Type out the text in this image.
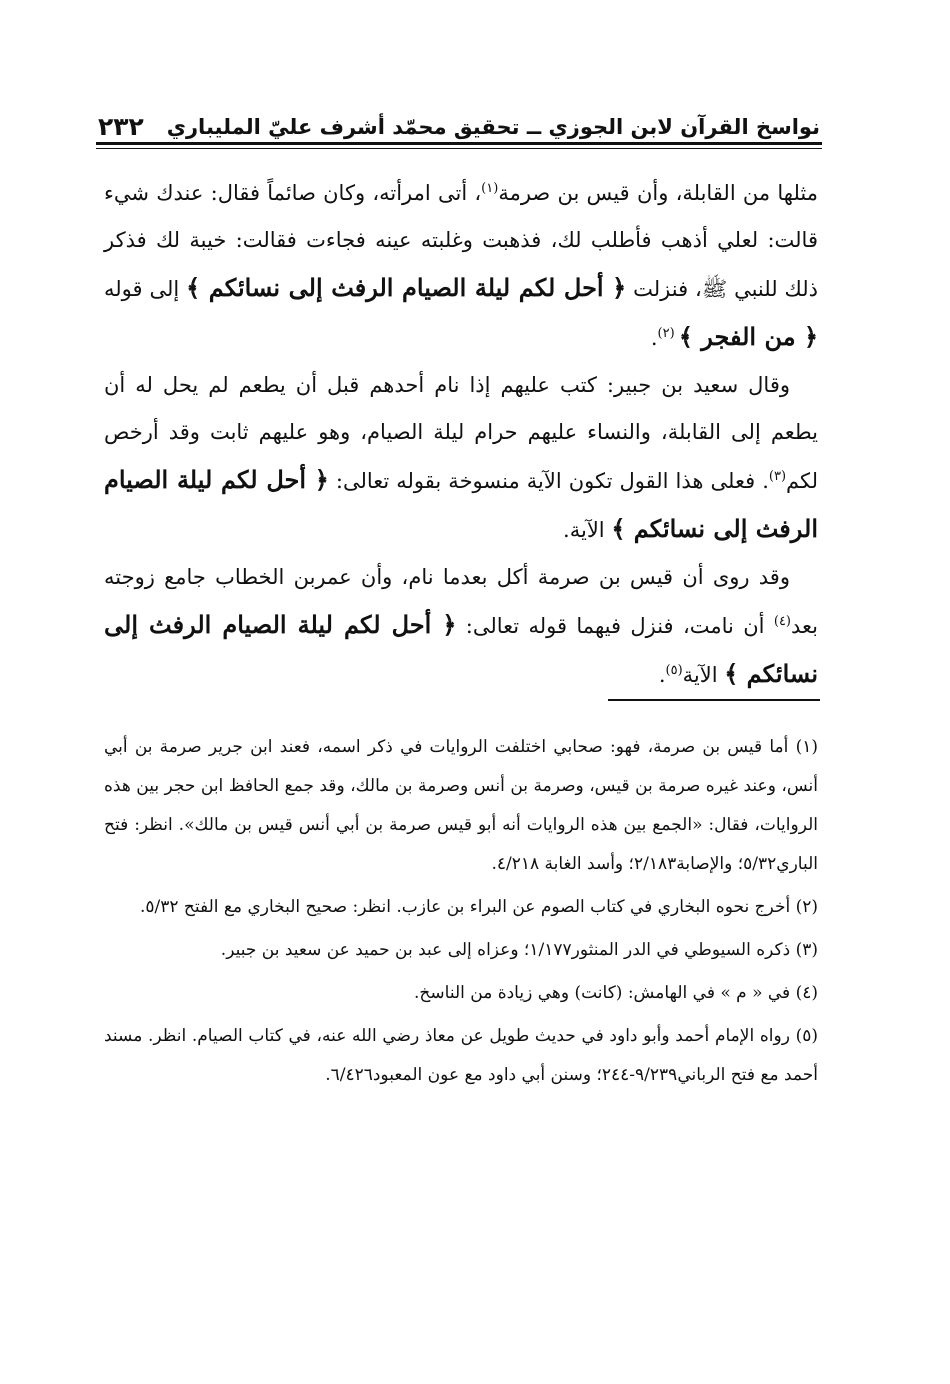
نواسخ القرآن لابن الجوزي ــ تحقيق محمّد أشرف عليّ المليباري
٢٣٢

مثلها من القابلة، وأن قيس بن صرمة$^{(١)}$، أتى امرأته، وكان صائماً فقال: عندك شيء قالت: لعلي أذهب فأطلب لك، فذهبت وغلبته عينه فجاءت فقالت: خيبة لك فذكر ذلك للنبي ﷺ، فنزلت ﴿ أحل لكم ليلة الصيام الرفث إلى نسائكم ﴾ إلى قوله ﴿ من الفجر ﴾ $^{(٢)}$.

وقال سعيد بن جبير: كتب عليهم إذا نام أحدهم قبل أن يطعم لم يحل له أن يطعم إلى القابلة، والنساء عليهم حرام ليلة الصيام، وهو عليهم ثابت وقد أرخص لكم$^{(٣)}$. فعلى هذا القول تكون الآية منسوخة بقوله تعالى: ﴿ أحل لكم ليلة الصيام الرفث إلى نسائكم ﴾ الآية.

وقد روى أن قيس بن صرمة أكل بعدما نام، وأن عمربن الخطاب جامع زوجته بعد$^{(٤)}$ أن نامت، فنزل فيهما قوله تعالى: ﴿ أحل لكم ليلة الصيام الرفث إلى نسائكم ﴾ الآية$^{(٥)}$.

(١) أما قيس بن صرمة، فهو: صحابي اختلفت الروايات في ذكر اسمه، فعند ابن جرير صرمة بن أبي أنس، وعند غيره صرمة بن قيس، وصرمة بن أنس وصرمة بن مالك، وقد جمع الحافظ ابن حجر بين هذه الروايات، فقال: «الجمع بين هذه الروايات أنه أبو قيس صرمة بن أبي أنس قيس بن مالك». انظر: فتح الباري٥/٣٢؛ والإصابة٢/١٨٣؛ وأسد الغابة ٤/٢١٨.

(٢) أخرج نحوه البخاري في كتاب الصوم عن البراء بن عازب. انظر: صحيح البخاري مع الفتح ٥/٣٢.

(٣) ذكره السيوطي في الدر المنثور١/١٧٧؛ وعزاه إلى عبد بن حميد عن سعيد بن جبير.

(٤) في « م » في الهامش: (كانت) وهي زيادة من الناسخ.

(٥) رواه الإمام أحمد وأبو داود في حديث طويل عن معاذ رضي الله عنه، في كتاب الصيام. انظر. مسند أحمد مع فتح الرباني٩/٢٣٩-٢٤٤؛ وسنن أبي داود مع عون المعبود٦/٤٢٦.
